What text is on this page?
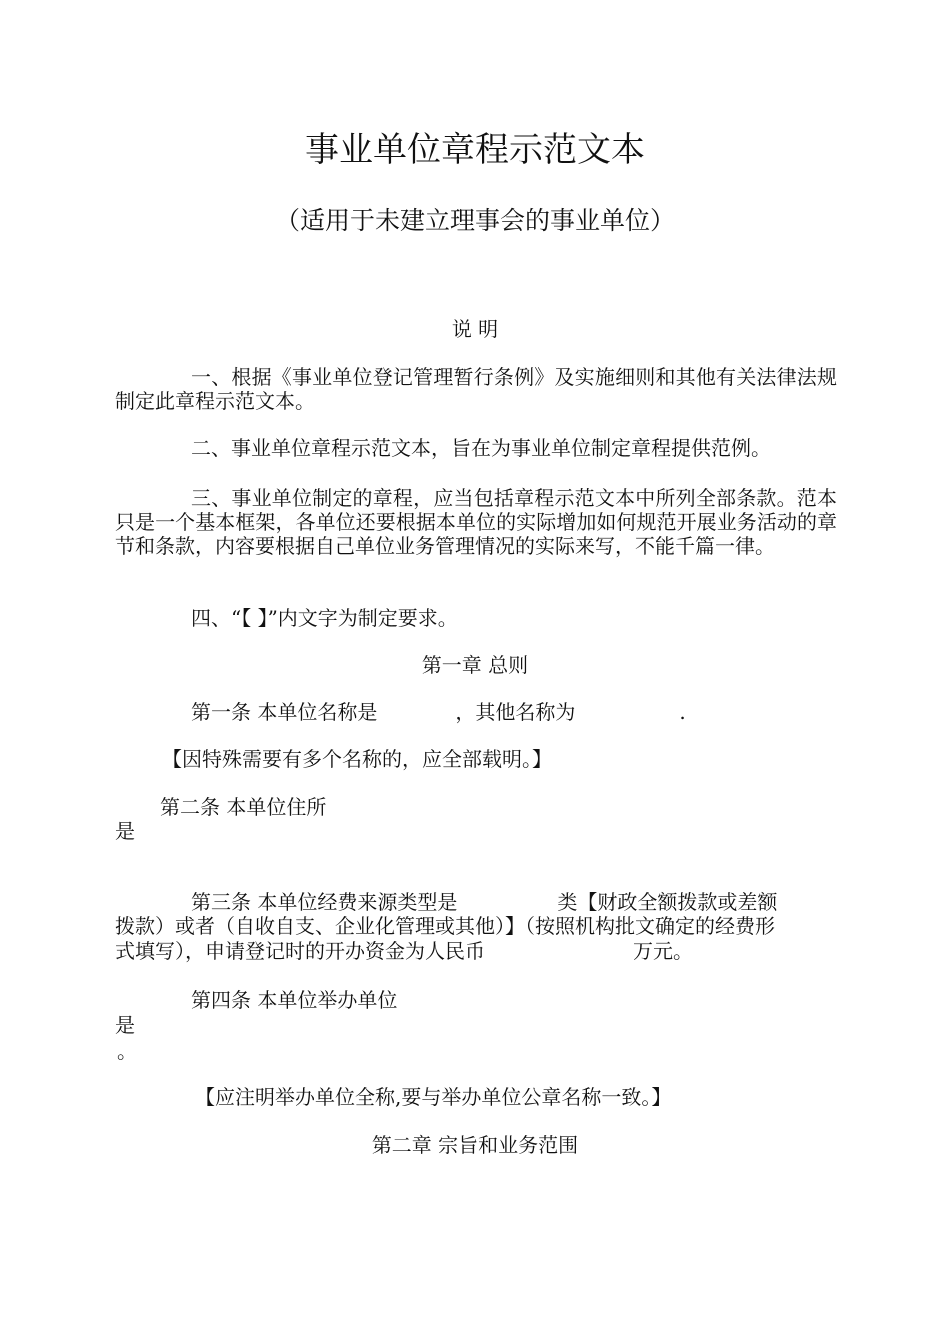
事业单位章程示范文本
（适用于未建立理事会的事业单位）
说 明

一、根据《事业单位登记管理暂行条例》及实施细则和其他有关法律法规制定此章程示范文本。

二、事业单位章程示范文本，旨在为事业单位制定章程提供范例。

三、事业单位制定的章程，应当包括章程示范文本中所列全部条款。范本只是一个基本框架，各单位还要根据本单位的实际增加如何规范开展业务活动的章节和条款，内容要根据自己单位业务管理情况的实际来写，不能千篇一律。

四、“【 】”内文字为制定要求。

第一章 总则
第一条 本单位名称是	，其他名称为	.
【因特殊需要有多个名称的，应全部载明。】
第二条 本单位住所
是
第三条 本单位经费来源类型是	类【财政全额拨款或差额
拨款）或者（自收自支、企业化管理或其他）】（按照机构批文确定的经费形
式填写），申请登记时的开办资金为人民币	万元。
第四条 本单位举办单位
是
。
【应注明举办单位全称,要与举办单位公章名称一致。】
第二章 宗旨和业务范围
